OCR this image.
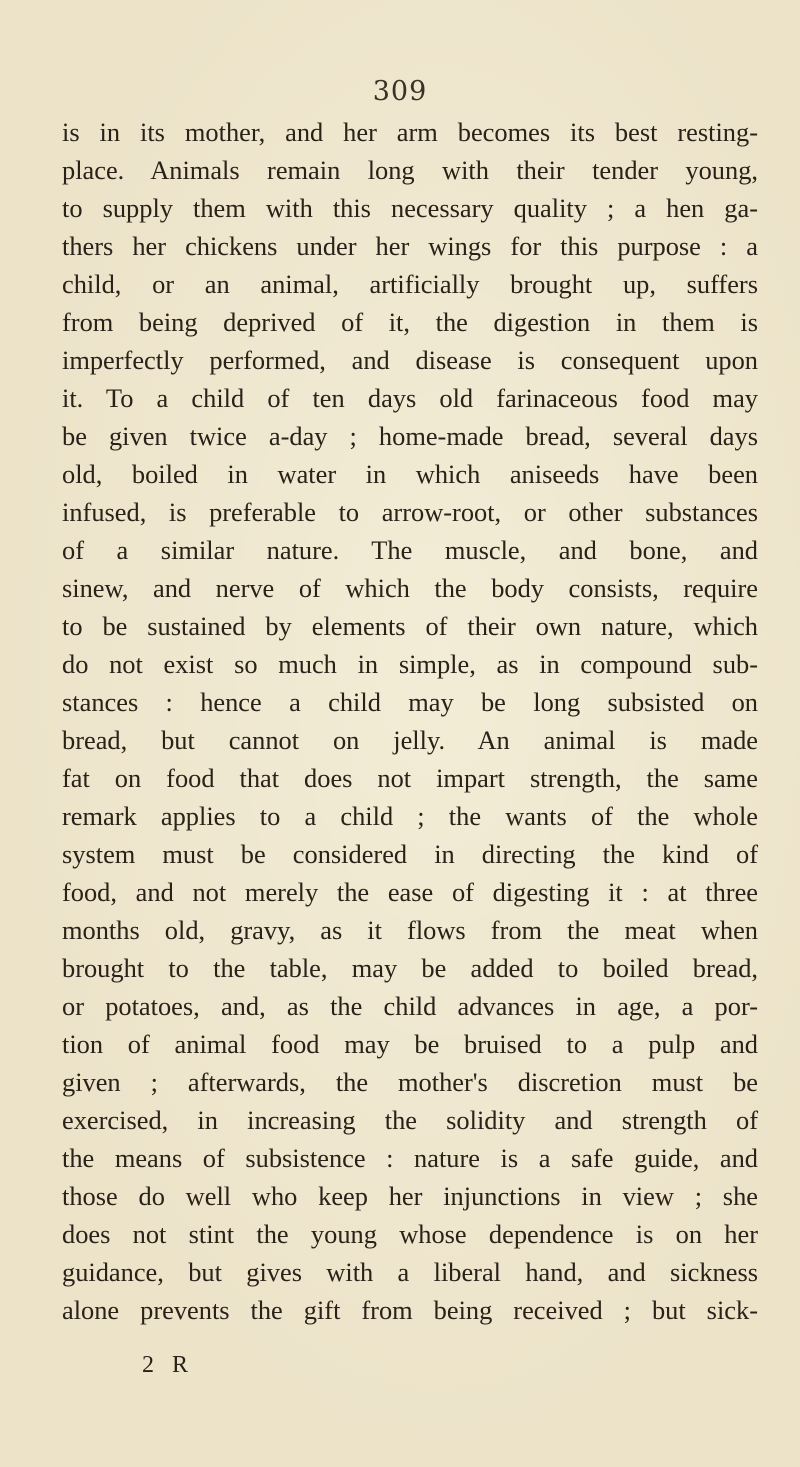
309
is in its mother, and her arm becomes its best resting-
place. Animals remain long with their tender young,
to supply them with this necessary quality ; a hen ga-
thers her chickens under her wings for this purpose : a
child, or an animal, artificially brought up, suffers
from being deprived of it, the digestion in them is
imperfectly performed, and disease is consequent upon
it. To a child of ten days old farinaceous food may
be given twice a-day ; home-made bread, several days
old, boiled in water in which aniseeds have been
infused, is preferable to arrow-root, or other substances
of a similar nature. The muscle, and bone, and
sinew, and nerve of which the body consists, require
to be sustained by elements of their own nature, which
do not exist so much in simple, as in compound sub-
stances : hence a child may be long subsisted on
bread, but cannot on jelly. An animal is made
fat on food that does not impart strength, the same
remark applies to a child ; the wants of the whole
system must be considered in directing the kind of
food, and not merely the ease of digesting it : at three
months old, gravy, as it flows from the meat when
brought to the table, may be added to boiled bread,
or potatoes, and, as the child advances in age, a por-
tion of animal food may be bruised to a pulp and
given ; afterwards, the mother's discretion must be
exercised, in increasing the solidity and strength of
the means of subsistence : nature is a safe guide, and
those do well who keep her injunctions in view ; she
does not stint the young whose dependence is on her
guidance, but gives with a liberal hand, and sickness
alone prevents the gift from being received ; but sick-
2 R
